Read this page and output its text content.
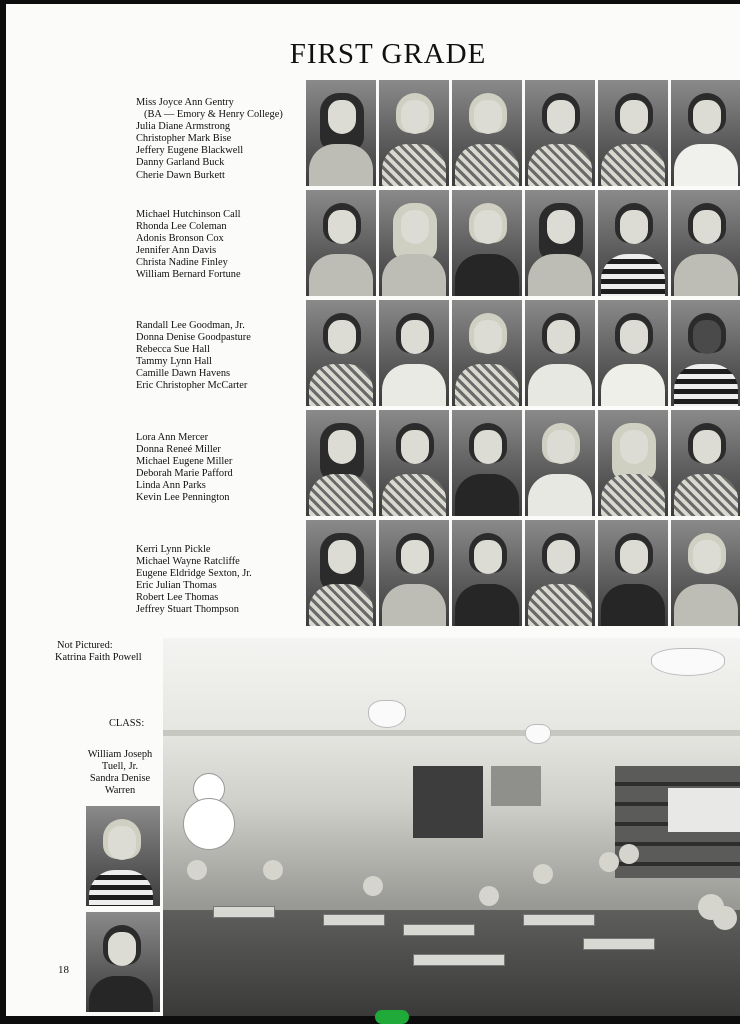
FIRST GRADE
Miss Joyce Ann Gentry
(BA — Emory & Henry College)
Julia Diane Armstrong
Christopher Mark Bise
Jeffery Eugene Blackwell
Danny Garland Buck
Cherie Dawn Burkett
Michael Hutchinson Call
Rhonda Lee Coleman
Adonis Bronson Cox
Jennifer Ann Davis
Christa Nadine Finley
William Bernard Fortune
Randall Lee Goodman, Jr.
Donna Denise Goodpasture
Rebecca Sue Hall
Tammy Lynn Hall
Camille Dawn Havens
Eric Christopher McCarter
Lora Ann Mercer
Donna Reneé Miller
Michael Eugene Miller
Deborah Marie Pafford
Linda Ann Parks
Kevin Lee Pennington
Kerri Lynn Pickle
Michael Wayne Ratcliffe
Eugene Eldridge Sexton, Jr.
Eric Julian Thomas
Robert Lee Thomas
Jeffrey Stuart Thompson
Not Pictured:
Katrina Faith Powell
CLASS:
William Joseph
Tuell, Jr.
Sandra Denise
Warren
18
